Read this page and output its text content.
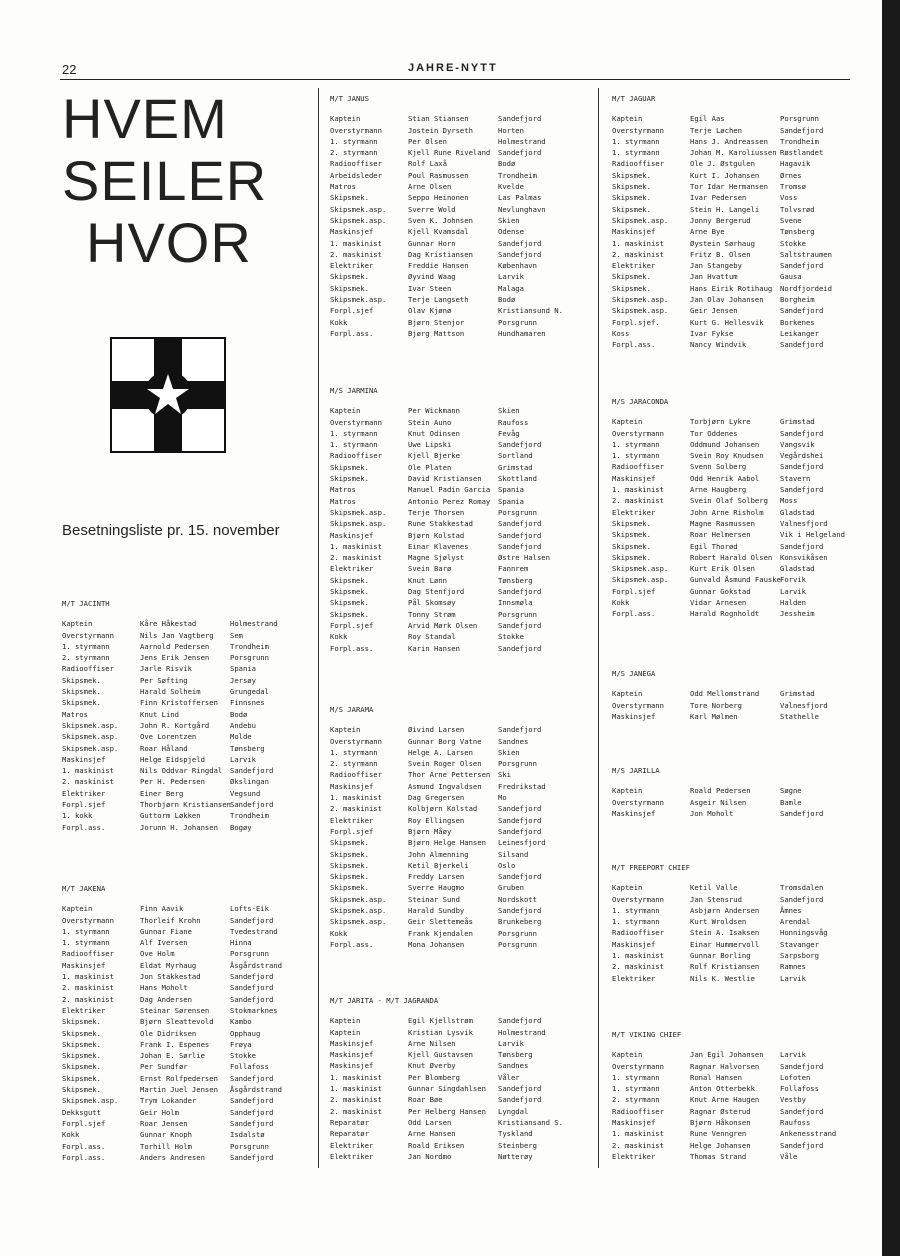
22	JAHRE-NYTT
HVEM
SEILER
HVOR
Besetningsliste pr. 15. november
M/T JACINTH
Kaptein	Kåre Håkestad	Holmestrand
Overstyrmann	Nils Jan Vagtberg	Sem
1. styrmann	Aarnold Pedersen	Trondheim
2. styrmann	Jens Erik Jensen	Porsgrunn
Radiooffiser	Jarle Risvik	Spania
Skipsmek.	Per Søfting	Jersøy
Skipsmek.	Harald Solheim	Grungedal
Skipsmek.	Finn Kristoffersen	Finnsnes
Matros	Knut Lind	Bodø
Skipsmek.asp.	John R. Kortgård	Andebu
Skipsmek.asp.	Ove Lorentzen	Molde
Skipsmek.asp.	Roar Håland	Tønsberg
Maskinsjef	Helge Eidspjeld	Larvik
1. maskinist	Nils Oddvar Ringdal	Sandefjord
2. maskinist	Per H. Pedersen	Økslingan
Elektriker	Einer Berg	Vegsund
Forpl.sjef	Thorbjørn Kristiansen Sandefjord
1. kokk	Guttorm Løkken	Trondheim
Forpl.ass.	Jorunn H. Johansen	Bogøy
M/T JAKENA
Kaptein	Finn Aavik	Lofts-Eik
Overstyrmann	Thorleif Krohn	Sandefjord
1. styrmann	Gunnar Fiane	Tvedestrand
1. styrmann	Alf Iversen	Hinna
Radiooffiser	Ove Holm	Porsgrunn
Maskinsjef	Eldat Myrhaug	Åsgårdstrand
1. maskinist	Jon Stakkestad	Sandefjord
2. maskinist	Hans Moholt	Sandefjord
2. maskinist	Dag Andersen	Sandefjord
Elektriker	Steinar Sørensen	Stokmarknes
Skipsmek.	Bjørn Sleattevold	Kambo
Skipsmek.	Ole Didriksen	Opphaug
Skipsmek.	Frank I. Espenes	Frøya
Skipsmek.	Johan E. Sørlie	Stokke
Skipsmek.	Per Sundfør	Follafoss
Skipsmek.	Ernst Rolfpedersen	Sandefjord
Skipsmek.	Martin Juel Jensen	Åsgårdstrand
Skipsmek.asp.	Trym Lokander	Sandefjord
Dekksgutt	Geir Holm	Sandefjord
Forpl.sjef	Roar Jensen	Sandefjord
Kokk	Gunnar Knoph	Isdalstø
Forpl.ass.	Torhill Holm	Porsgrunn
Forpl.ass.	Anders Andresen	Sandefjord
M/T JANUS
Kaptein	Stian Stiansen	Sandefjord
Overstyrmann	Jostein Dyrseth	Horten
1. styrmann	Per Olsen	Holmestrand
2. styrmann	Kjell Rune Riveland	Sandefjord
Radiooffiser	Rolf Laxå	Bodø
Arbeidsleder	Poul Rasmussen	Trondheim
Matros	Arne Olsen	Kvelde
Skipsmek.	Seppo Heinonen	Las Palmas
Skipsmek.asp.	Sverre Wold	Nevlunghavn
Skipsmek.asp.	Sven K. Johnsen	Skien
Maskinsjef	Kjell Kvamsdal	Odense
1. maskinist	Gunnar Horn	Sandefjord
2. maskinist	Dag Kristiansen	Sandefjord
Elektriker	Freddie Hansen	København
Skipsmek.	Øyvind Waag	Larvik
Skipsmek.	Ivar Steen	Malaga
Skipsmek.asp.	Terje Langseth	Bodø
Forpl.sjef	Olav Kjønø	Kristiansund N.
Kokk	Bjørn Stenjor	Porsgrunn
Forpl.ass.	Bjørg Mattson	Hundhamaren
M/S JARMINA
Kaptein	Per Wickmann	Skien
Overstyrmann	Stein Auno	Raufoss
1. styrmann	Knut Odinsen	Fevåg
1. styrmann	Uwe Lipski	Sandefjord
Radiooffiser	Kjell Bjerke	Sortland
Skipsmek.	Ole Platen	Grimstad
Skipsmek.	David Kristiansen	Skottland
Matros	Manuel Padin Garcia	Spania
Matros	Antonio Perez Romay	Spania
Skipsmek.asp.	Terje Thorsen	Porsgrunn
Skipsmek.asp.	Rune Stakkestad	Sandefjord
Maskinsjef	Bjørn Kolstad	Sandefjord
1. maskinist	Einar Klavenes	Sandefjord
2. maskinist	Magne Sjølyst	Østre Halsen
Elektriker	Svein Barø	Fannrem
Skipsmek.	Knut Lønn	Tønsberg
Skipsmek.	Dag Stenfjord	Sandefjord
Skipsmek.	Pål Skomsøy	Innsmøla
Skipsmek.	Tonny Strøm	Porsgrunn
Forpl.sjef	Arvid Mørk Olsen	Sandefjord
Kokk	Roy Standal	Stokke
Forpl.ass.	Karin Hansen	Sandefjord
M/S JARAMA
Kaptein	Øivind Larsen	Sandefjord
Overstyrmann	Gunnar Borg Vatne	Sandnes
1. styrmann	Helge A. Larsen	Skien
2. styrmann	Svein Roger Olsen	Porsgrunn
Radiooffiser	Thor Arne Pettersen	Ski
Maskinsjef	Asmund Ingvaldsen	Fredrikstad
1. maskinist	Dag Gregersen	Mo
2. maskinist	Kolbjørn Kolstad	Sandefjord
Elektriker	Roy Ellingsen	Sandefjord
Forpl.sjef	Bjørn Måøy	Sandefjord
Skipsmek.	Bjørn Helge Hansen	Leinesfjord
Skipsmek.	John Almenning	Silsand
Skipsmek.	Ketil Bjerkeli	Oslo
Skipsmek.	Freddy Larsen	Sandefjord
Skipsmek.	Sverre Haugmo	Gruben
Skipsmek.asp.	Steinar Sund	Nordskott
Skipsmek.asp.	Harald Sundby	Sandefjord
Skipsmek.asp.	Geir Slettemeås	Brunkeberg
Kokk	Frank Kjendalen	Porsgrunn
Forpl.ass.	Mona Johansen	Porsgrunn
M/T JARITA - M/T JAGRANDA
Kaptein	Egil Kjellstrøm	Sandefjord
Kaptein	Kristian Lysvik	Holmestrand
Maskinsjef	Arne Nilsen	Larvik
Maskinsjef	Kjell Gustavsen	Tønsberg
Maskinsjef	Knut Øverby	Sandnes
1. maskinist	Per Blomberg	Våler
1. maskinist	Gunnar Singdahlsen	Sandefjord
2. maskinist	Roar Bøe	Sandefjord
2. maskinist	Per Helberg Hansen	Lyngdal
Reparatør	Odd Larsen	Kristiansand S.
Reparatør	Arne Hansen	Tyskland
Elektriker	Roald Eriksen	Steinberg
Elektriker	Jan Nordmo	Nøtterøy
M/T JAGUAR
Kaptein	Egil Aas	Porsgrunn
Overstyrmann	Terje Løchen	Sandefjord
1. styrmann	Hans J. Andreassen	Trondheim
1. styrmann	Johan M. Karoliussen Røstlandet
Radiooffiser	Ole J. Østgulen	Hagavik
Skipsmek.	Kurt I. Johansen	Ørnes
Skipsmek.	Tor Idar Hermansen	Tromsø
Skipsmek.	Ivar Pedersen	Voss
Skipsmek.	Stein H. Langeli	Tolvsrød
Skipsmek.asp.	Jonny Bergerud	Svene
Maskinsjef	Arne Bye	Tønsberg
1. maskinist	Øystein Sørhaug	Stokke
2. maskinist	Fritz B. Olsen	Saltstraumen
Elektriker	Jan Stangeby	Sandefjord
Skipsmek.	Jan Hvattum	Gausa
Skipsmek.	Hans Eirik Rotihaug	Nordfjordeid
Skipsmek.asp.	Jan Olav Johansen	Borgheim
Skipsmek.asp.	Geir Jensen	Sandefjord
Forpl.sjef.	Kurt G. Hellesvik	Borkenes
Koss	Ivar Fykse	Leikanger
Forpl.ass.	Nancy Windvik	Sandefjord
M/S JARACONDA
Kaptein	Torbjørn Lykre	Grimstad
Overstyrmann	Tor Oddenes	Sandefjord
1. styrmann	Oddmund Johansen	Vangsvik
1. styrmann	Svein Roy Knudsen	Vegårdshei
Radiooffiser	Svenn Solberg	Sandefjord
Maskinsjef	Odd Henrik Aabol	Stavern
1. maskinist	Arne Haugberg	Sandefjord
2. maskinist	Svein Olaf Solberg	Moss
Elektriker	John Arne Risholm	Gladstad
Skipsmek.	Magne Rasmussen	Valnesfjord
Skipsmek.	Roar Helmersen	Vik i Helgeland
Skipsmek.	Egil Thorød	Sandefjord
Skipsmek.	Robert Harald Olsen	Konsvikåsen
Skipsmek.asp.	Kurt Erik Olsen	Gladstad
Skipsmek.asp.	Gunvald Åsmund Fauske Forvik
Forpl.sjef	Gunnar Gokstad	Larvik
Kokk	Vidar Arnesen	Halden
Forpl.ass.	Harald Rognholdt	Jessheim
M/S JANEGA
Kaptein	Odd Mellomstrand	Grimstad
Overstyrmann	Tore Norberg	Valnesfjord
Maskinsjef	Karl Mølmen	Stathelle
M/S JARILLA
Kaptein	Roald Pedersen	Søgne
Overstyrmann	Asgeir Nilsen	Bamle
Maskinsjef	Jon Moholt	Sandefjord
M/T FREEPORT CHIEF
Kaptein	Ketil Valle	Tromsdalen
Overstyrmann	Jan Stensrud	Sandefjord
1. styrmann	Asbjørn Andersen	Åmnes
1. styrmann	Kurt Wroldsen	Arendal
Radiooffiser	Stein A. Isaksen	Honningsvåg
Maskinsjef	Einar Hummervoll	Stavanger
1. maskinist	Gunnar Borling	Sarpsborg
2. maskinist	Rolf Kristiansen	Ramnes
Elektriker	Nils K. Westlie	Larvik
M/T VIKING CHIEF
Kaptein	Jan Egil Johansen	Larvik
Overstyrmann	Ragnar Halvorsen	Sandefjord
1. styrmann	Ronal Hansen	Lofoten
1. styrmann	Anton Otterbekk	Follafoss
2. styrmann	Knut Arne Haugen	Vestby
Radiooffiser	Ragnar Østerud	Sandefjord
Maskinsjef	Bjørn Håkonsen	Raufoss
1. maskinist	Rune Venngren	Ankenesstrand
2. maskinist	Helge Johansen	Sandefjord
Elektriker	Thomas Strand	Våle
